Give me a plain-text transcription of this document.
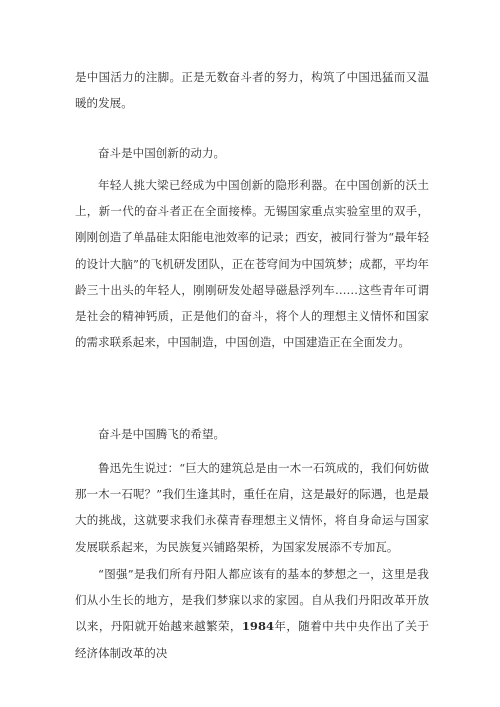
是中国活力的注脚。正是无数奋斗者的努力，构筑了中国迅猛而又温暖的发展。

奋斗是中国创新的动力。

年轻人挑大梁已经成为中国创新的隐形利器。在中国创新的沃土上，新一代的奋斗者正在全面接棒。无锡国家重点实验室里的双手，刚刚创造了单晶硅太阳能电池效率的记录；西安，被同行誉为“最年轻的设计大脑”的飞机研发团队，正在苍穹间为中国筑梦；成都，平均年龄三十出头的年轻人，刚刚研发处超导磁悬浮列车……这些青年可谓是社会的精神钙质，正是他们的奋斗，将个人的理想主义情怀和国家的需求联系起来，中国制造，中国创造，中国建造正在全面发力。

奋斗是中国腾飞的希望。

鲁迅先生说过：“巨大的建筑总是由一木一石筑成的，我们何妨做那一木一石呢？”我们生逢其时，重任在肩，这是最好的际遇，也是最大的挑战，这就要求我们永葆青春理想主义情怀，将自身命运与国家发展联系起来，为民族复兴铺路架桥，为国家发展添不专加瓦。

“图强”是我们所有丹阳人都应该有的基本的梦想之一，这里是我们从小生长的地方，是我们梦寐以求的家园。自从我们丹阳改革开放以来，丹阳就开始越来越繁荣，1984年，随着中共中央作出了关于经济体制改革的决
